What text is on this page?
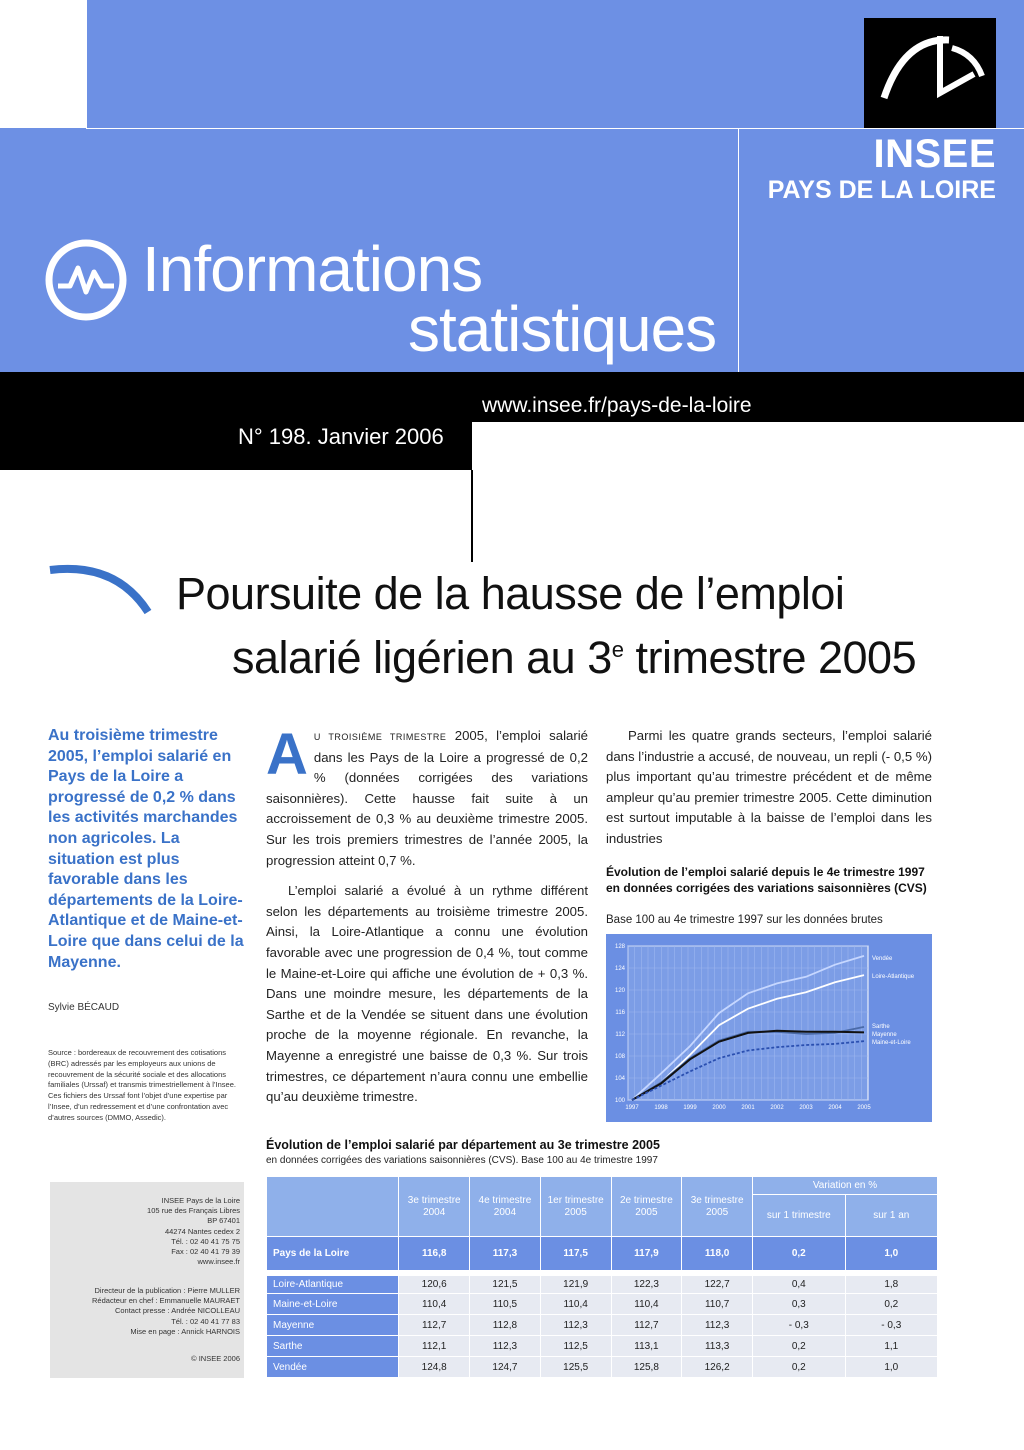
INSEE
PAYS DE LA LOIRE
Informations
statistiques
www.insee.fr/pays-de-la-loire
N° 198. Janvier 2006
Poursuite de la hausse de l’emploi
salarié ligérien au 3e trimestre 2005
Au troisième trimestre 2005, l’emploi salarié en Pays de la Loire a progressé de 0,2 % dans les activités marchandes non agricoles. La situation est plus favorable dans les départements de la Loire-Atlantique et de Maine-et-Loire que dans celui de la Mayenne.
Sylvie BÉCAUD
Source : bordereaux de recouvrement des cotisations (BRC) adressés par les employeurs aux unions de recouvrement de la sécurité sociale et des allocations familiales (Urssaf) et transmis trimestriellement à l’Insee. Ces fichiers des Urssaf font l’objet d’une expertise par l’Insee, d’un redressement et d’une confrontation avec d’autres sources (DMMO, Assedic).
INSEE Pays de la Loire
105 rue des Français Libres
BP 67401
44274 Nantes cedex 2
Tél. : 02 40 41 75 75
Fax : 02 40 41 79 39
www.insee.fr
Directeur de la publication : Pierre MULLER
Rédacteur en chef : Emmanuelle MAURAET
Contact presse : Andrée NICOLLEAU
Tél. : 02 40 41 77 83
Mise en page : Annick HARNOIS
© INSEE 2006
AU TROISIÈME TRIMESTRE 2005, l’emploi salarié dans les Pays de la Loire a progressé de 0,2 % (données corrigées des variations saisonnières). Cette hausse fait suite à un accroissement de 0,3 % au deuxième trimestre 2005. Sur les trois premiers trimestres de l’année 2005, la progression atteint 0,7 %.

L’emploi salarié a évolué à un rythme différent selon les départements au troisième trimestre 2005. Ainsi, la Loire-Atlantique a connu une évolution favorable avec une progression de 0,4 %, tout comme le Maine-et-Loire qui affiche une évolution de + 0,3 %. Dans une moindre mesure, les départements de la Sarthe et de la Vendée se situent dans une évolution proche de la moyenne régionale. En revanche, la Mayenne a enregistré une baisse de 0,3 %. Sur trois trimestres, ce département n’aura connu une embellie qu’au deuxième trimestre.

Parmi les quatre grands secteurs, l’emploi salarié dans l’industrie a accusé, de nouveau, un repli (- 0,5 %) plus important qu’au trimestre précédent et de même ampleur qu’au premier trimestre 2005. Cette diminution est surtout imputable à la baisse de l’emploi dans les industries
Évolution de l’emploi salarié depuis le 4e trimestre 1997 en données corrigées des variations saisonnières (CVS)
Base 100 au 4e trimestre 1997 sur les données brutes
128
124
120
116
112
108
104
100
1997	1998	1999	2000	2001	2002	2003	2004	2005
Vendée
Loire-Atlantique
Sarthe
Mayenne
Maine-et-Loire
Évolution de l’emploi salarié par département au 3e trimestre 2005
en données corrigées des variations saisonnières (CVS). Base 100 au 4e trimestre 1997
	3e trimestre 2004	4e trimestre 2004	1er trimestre 2005	2e trimestre 2005	3e trimestre 2005	Variation en %	
						sur 1 trimestre	sur 1 an
Pays de la Loire	116,8	117,3	117,5	117,9	118,0	0,2	1,0
Loire-Atlantique	120,6	121,5	121,9	122,3	122,7	0,4	1,8
Maine-et-Loire	110,4	110,5	110,4	110,4	110,7	0,3	0,2
Mayenne	112,7	112,8	112,3	112,7	112,3	- 0,3	- 0,3
Sarthe	112,1	112,3	112,5	113,1	113,3	0,2	1,1
Vendée	124,8	124,7	125,5	125,8	126,2	0,2	1,0
